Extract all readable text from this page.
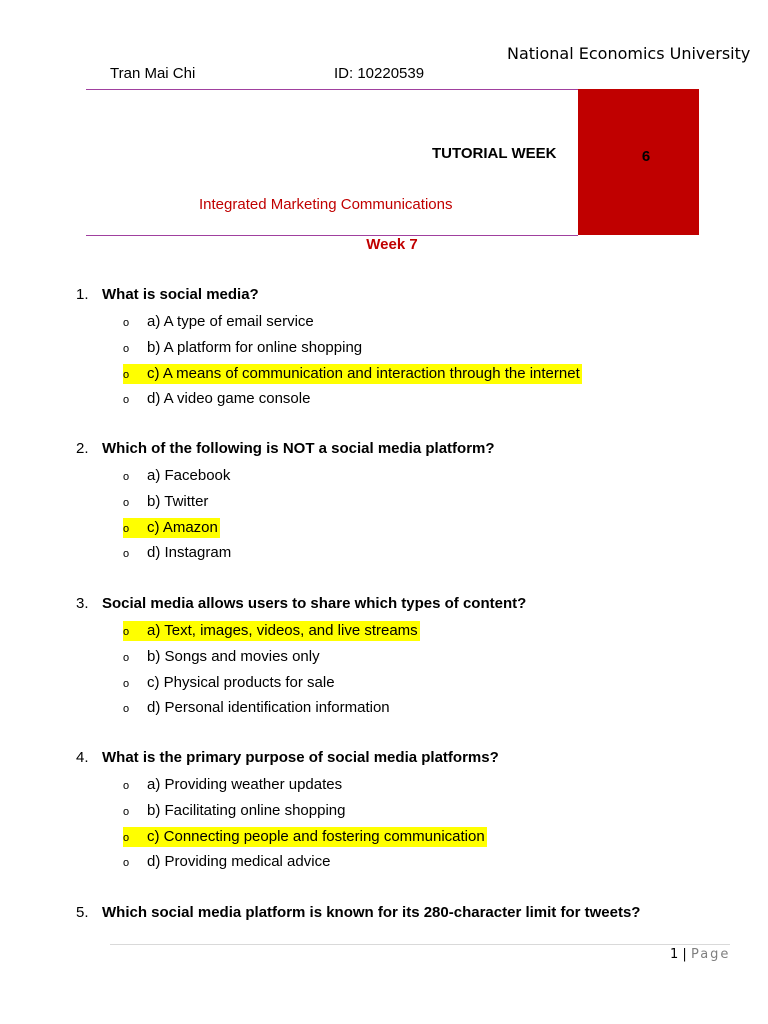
National Economics University
Tran Mai Chi	ID: 10220539
6
TUTORIAL WEEK
Integrated Marketing Communications
Week 7
1. What is social media?
o a) A type of email service
o b) A platform for online shopping
o c) A means of communication and interaction through the internet
o d) A video game console
2. Which of the following is NOT a social media platform?
o a) Facebook
o b) Twitter
o c) Amazon
o d) Instagram
3. Social media allows users to share which types of content?
o a) Text, images, videos, and live streams
o b) Songs and movies only
o c) Physical products for sale
o d) Personal identification information
4. What is the primary purpose of social media platforms?
o a) Providing weather updates
o b) Facilitating online shopping
o c) Connecting people and fostering communication
o d) Providing medical advice
5. Which social media platform is known for its 280-character limit for tweets?
1 | Page
